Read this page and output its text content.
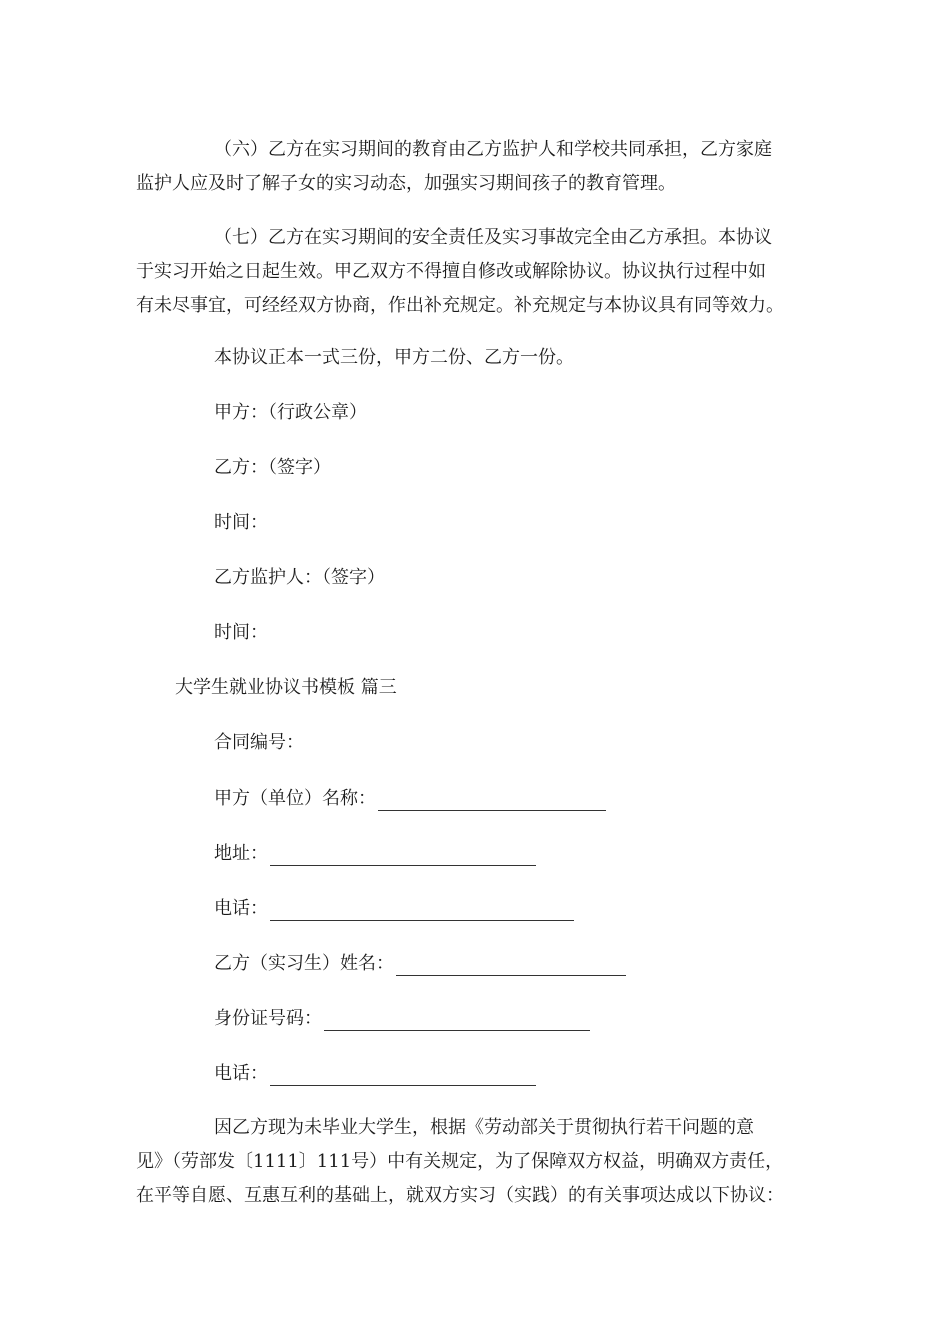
（六）乙方在实习期间的教育由乙方监护人和学校共同承担，乙方家庭
监护人应及时了解子女的实习动态，加强实习期间孩子的教育管理。
（七）乙方在实习期间的安全责任及实习事故完全由乙方承担。本协议
于实习开始之日起生效。甲乙双方不得擅自修改或解除协议。协议执行过程中如
有未尽事宜，可经经双方协商，作出补充规定。补充规定与本协议具有同等效力。
本协议正本一式三份，甲方二份、乙方一份。
甲方：（行政公章）
乙方：（签字）
时间：
乙方监护人：（签字）
时间：
大学生就业协议书模板 篇三
合同编号：
甲方（单位）名称：
地址：
电话：
乙方（实习生）姓名：
身份证号码：
电话：
因乙方现为未毕业大学生，根据《劳动部关于贯彻执行若干问题的意
见》（劳部发〔1111〕111号）中有关规定，为了保障双方权益，明确双方责任，
在平等自愿、互惠互利的基础上，就双方实习（实践）的有关事项达成以下协议：
